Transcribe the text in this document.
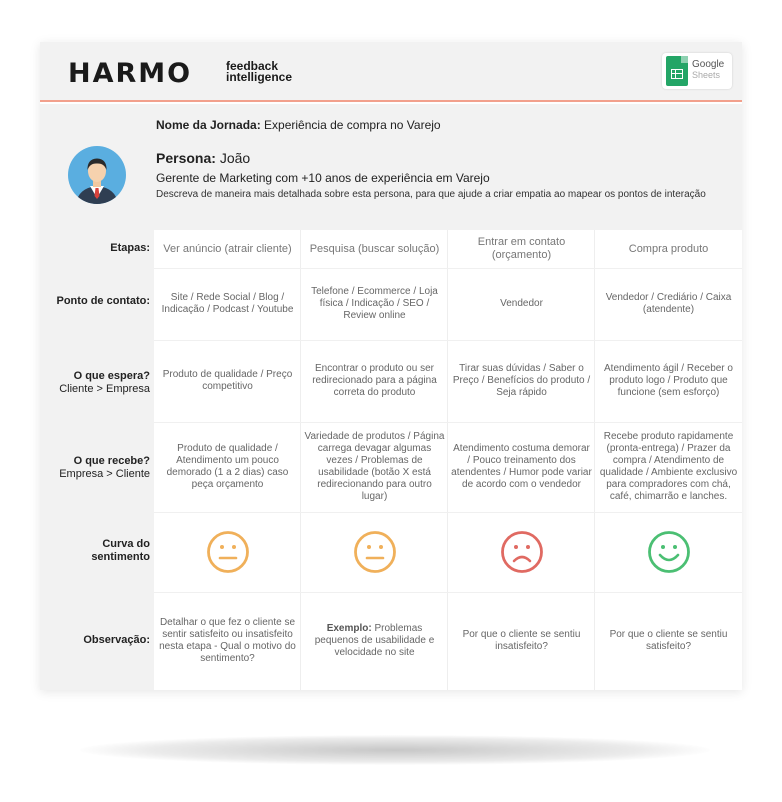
HARMO	feedback
intelligence
Google
Sheets
Nome da Jornada: Experiência de compra no Varejo
Persona: João
Gerente de Marketing com +10 anos de experiência em Varejo
Descreva de maneira mais detalhada sobre esta persona, para que ajude a criar empatia ao mapear os pontos de interação
Etapas:
Ponto de contato:
O que espera?
Cliente > Empresa
O que recebe?
Empresa > Cliente
Curva do
sentimento
Observação:
Ver anúncio (atrair cliente)
Site / Rede Social / Blog / Indicação / Podcast / Youtube
Produto de qualidade / Preço competitivo
Produto de qualidade / Atendimento um pouco demorado (1 a 2 dias) caso peça orçamento
Detalhar o que fez o cliente se sentir satisfeito ou insatisfeito nesta etapa - Qual o motivo do sentimento?
Pesquisa (buscar solução)
Telefone / Ecommerce / Loja física / Indicação / SEO / Review online
Encontrar o produto ou ser redirecionado para a página correta do produto
Variedade de produtos / Página carrega devagar algumas vezes / Problemas de usabilidade (botão X está redirecionando para outro lugar)
Exemplo: Problemas pequenos de usabilidade e velocidade no site
Entrar em contato (orçamento)
Vendedor
Tirar suas dúvidas / Saber o Preço / Benefícios do produto / Seja rápido
Atendimento costuma demorar / Pouco treinamento dos atendentes / Humor pode variar de acordo com o vendedor
Por que o cliente se sentiu insatisfeito?
Compra produto
Vendedor / Crediário / Caixa (atendente)
Atendimento ágil / Receber o produto logo / Produto que funcione (sem esforço)
Recebe produto rapidamente (pronta-entrega) / Prazer da compra / Atendimento de qualidade / Ambiente exclusivo para compradores com chá, café, chimarrão e lanches.
Por que o cliente se sentiu satisfeito?
